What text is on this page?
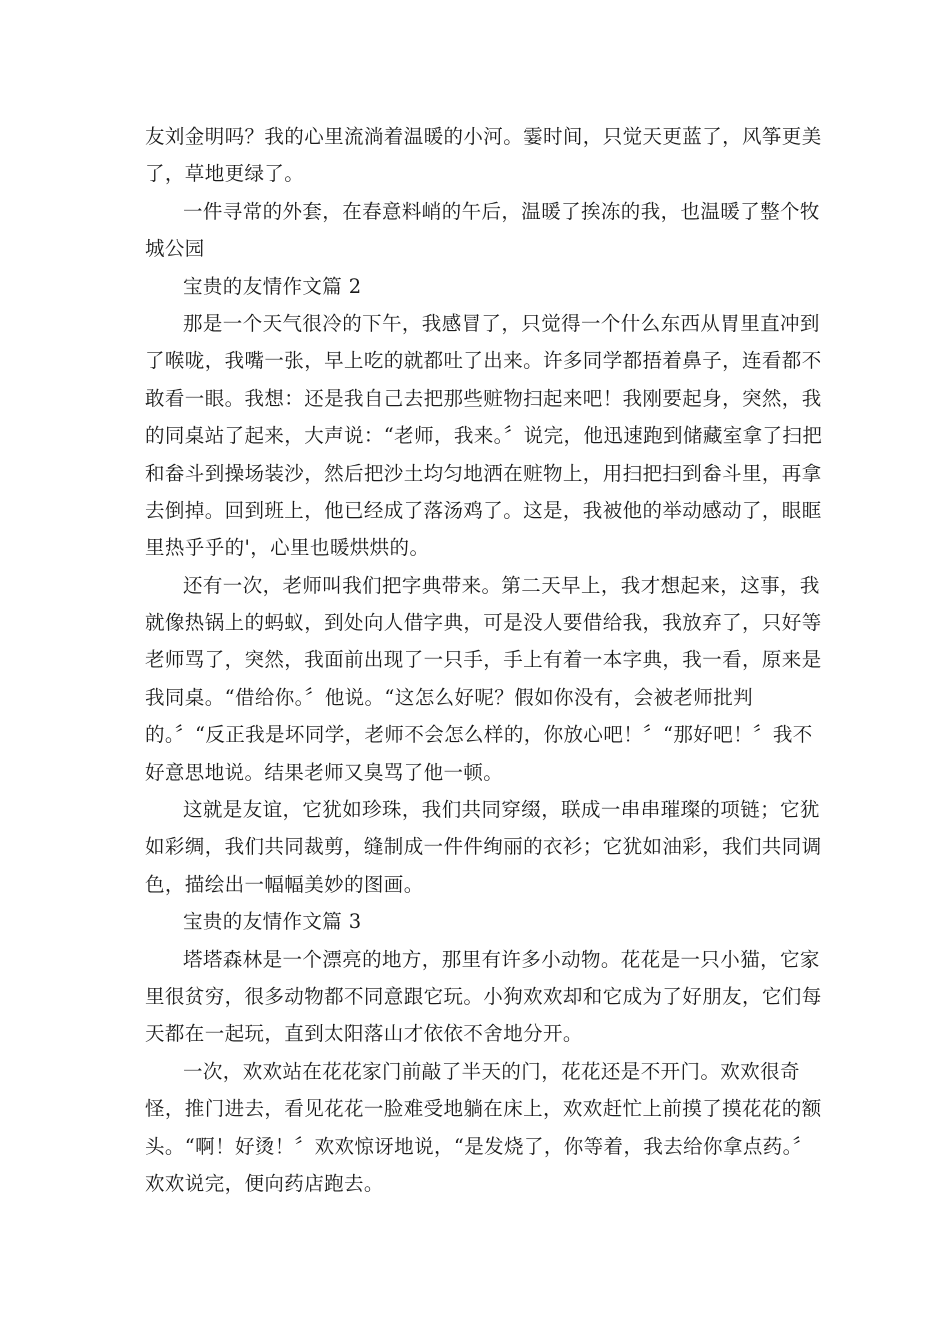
友刘金明吗？我的心里流淌着温暖的小河。霎时间，只觉天更蓝了，风筝更美
了，草地更绿了。
一件寻常的外套，在春意料峭的午后，温暖了挨冻的我，也温暖了整个牧
城公园
宝贵的友情作文篇 2
那是一个天气很冷的下午，我感冒了，只觉得一个什么东西从胃里直冲到
了喉咙，我嘴一张，早上吃的就都吐了出来。许多同学都捂着鼻子，连看都不
敢看一眼。我想：还是我自己去把那些赃物扫起来吧！我刚要起身，突然，我
的同桌站了起来，大声说：“老师，我来。〞说完，他迅速跑到储藏室拿了扫把
和畚斗到操场装沙，然后把沙土均匀地洒在赃物上，用扫把扫到畚斗里，再拿
去倒掉。回到班上，他已经成了落汤鸡了。这是，我被他的举动感动了，眼眶
里热乎乎的'，心里也暖烘烘的。
还有一次，老师叫我们把字典带来。第二天早上，我才想起来，这事，我
就像热锅上的蚂蚁，到处向人借字典，可是没人要借给我，我放弃了，只好等
老师骂了，突然，我面前出现了一只手，手上有着一本字典，我一看，原来是
我同桌。“借给你。〞他说。“这怎么好呢？假如你没有，会被老师批判
的。〞“反正我是坏同学，老师不会怎么样的，你放心吧！〞“那好吧！〞我不
好意思地说。结果老师又臭骂了他一顿。
这就是友谊，它犹如珍珠，我们共同穿缀，联成一串串璀璨的项链；它犹
如彩绸，我们共同裁剪，缝制成一件件绚丽的衣衫；它犹如油彩，我们共同调
色，描绘出一幅幅美妙的图画。
宝贵的友情作文篇 3
塔塔森林是一个漂亮的地方，那里有许多小动物。花花是一只小猫，它家
里很贫穷，很多动物都不同意跟它玩。小狗欢欢却和它成为了好朋友，它们每
天都在一起玩，直到太阳落山才依依不舍地分开。
一次，欢欢站在花花家门前敲了半天的门，花花还是不开门。欢欢很奇
怪，推门进去，看见花花一脸难受地躺在床上，欢欢赶忙上前摸了摸花花的额
头。“啊！好烫！〞欢欢惊讶地说，“是发烧了，你等着，我去给你拿点药。〞
欢欢说完，便向药店跑去。
